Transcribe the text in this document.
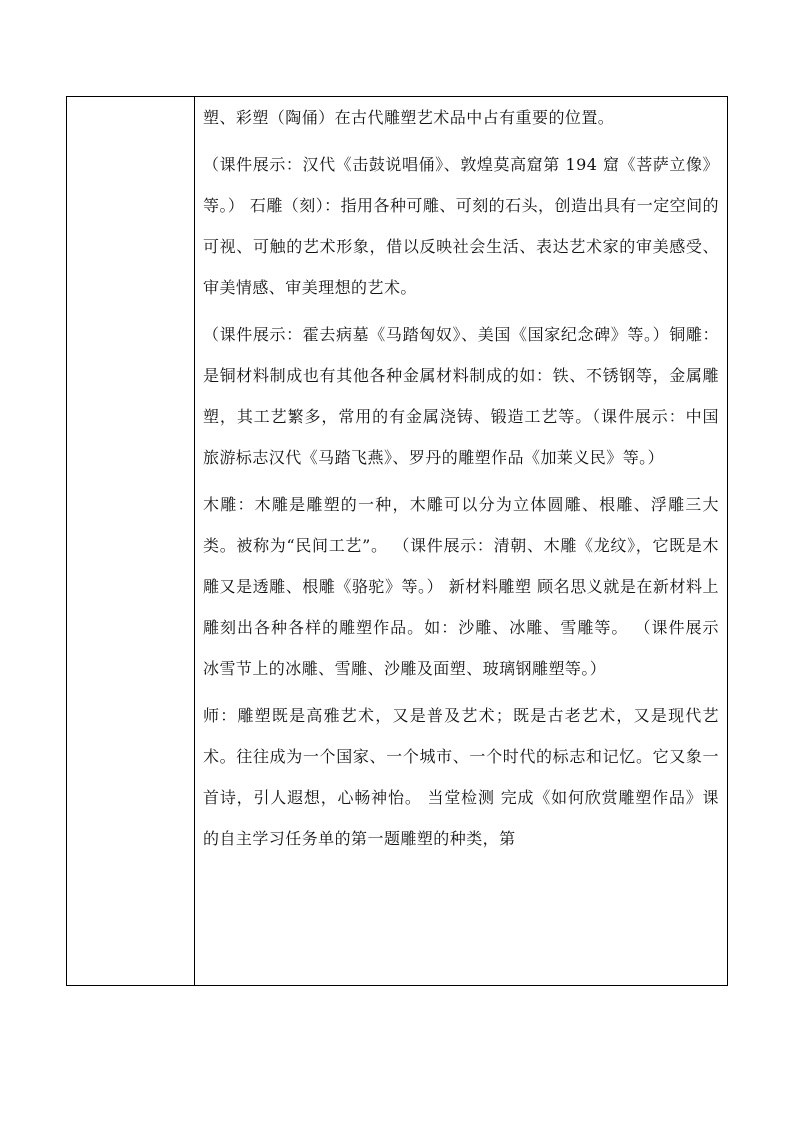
塑、彩塑（陶俑）在古代雕塑艺术品中占有重要的位置。

（课件展示：汉代《击鼓说唱俑》、敦煌莫高窟第 194 窟《菩萨立像》等。） 石雕（刻）：指用各种可雕、可刻的石头，创造出具有一定空间的可视、可触的艺术形象，借以反映社会生活、表达艺术家的审美感受、审美情感、审美理想的艺术。

（课件展示：霍去病墓《马踏匈奴》、美国《国家纪念碑》等。）铜雕：是铜材料制成也有其他各种金属材料制成的如：铁、不锈钢等，金属雕塑，其工艺繁多，常用的有金属浇铸、锻造工艺等。（课件展示：中国旅游标志汉代《马踏飞燕》、罗丹的雕塑作品《加莱义民》等。）

木雕：木雕是雕塑的一种，木雕可以分为立体圆雕、根雕、浮雕三大类。被称为“民间工艺”。 （课件展示：清朝、木雕《龙纹》，它既是木雕又是透雕、根雕《骆驼》等。） 新材料雕塑 顾名思义就是在新材料上雕刻出各种各样的雕塑作品。如：沙雕、冰雕、雪雕等。 （课件展示 冰雪节上的冰雕、雪雕、沙雕及面塑、玻璃钢雕塑等。）

师：雕塑既是高雅艺术，又是普及艺术；既是古老艺术，又是现代艺术。往往成为一个国家、一个城市、一个时代的标志和记忆。它又象一首诗，引人遐想，心畅神怡。 当堂检测 完成《如何欣赏雕塑作品》课的自主学习任务单的第一题雕塑的种类，第
